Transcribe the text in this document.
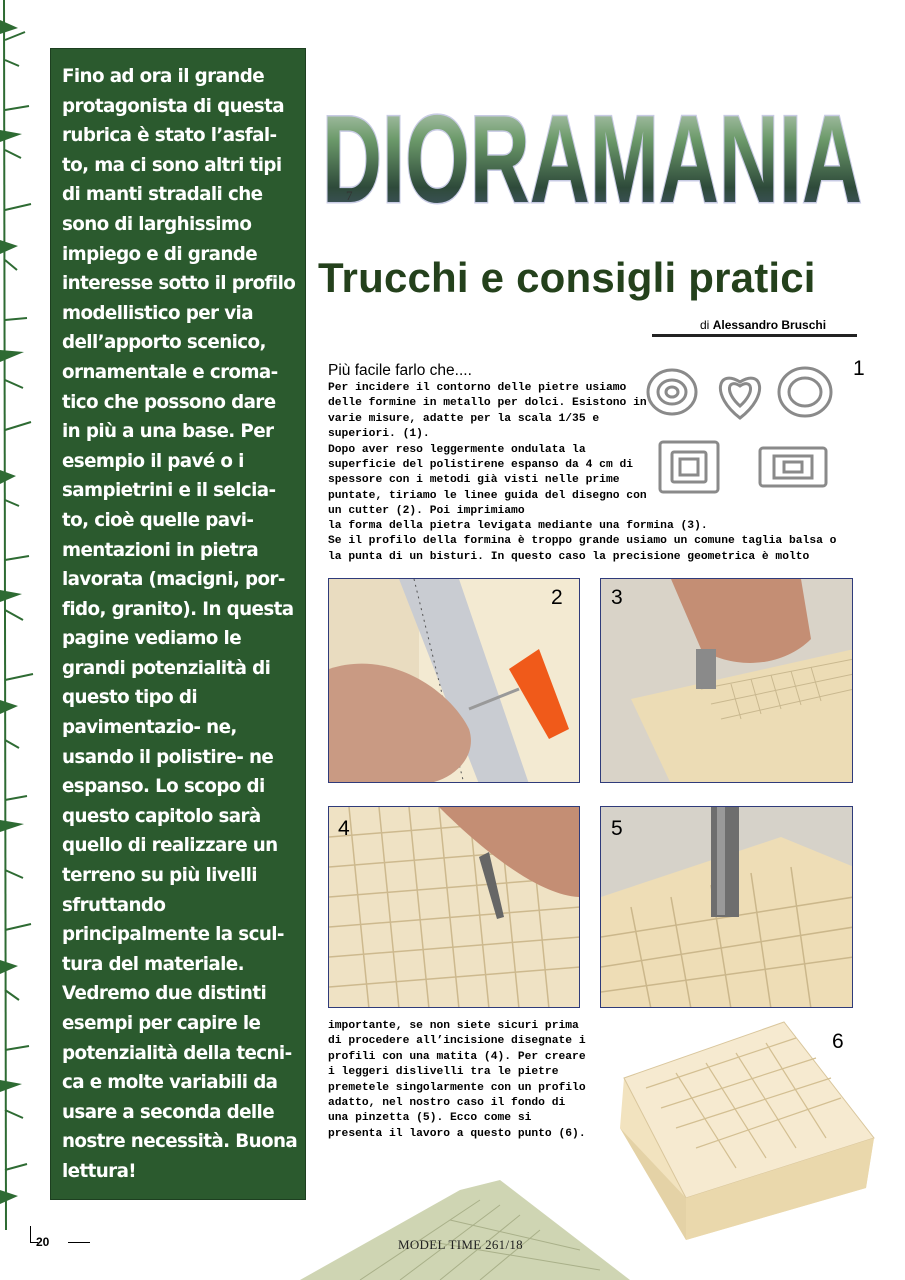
Fino ad ora il grande protagonista di questa rubrica è stato l’asfal- to, ma ci sono altri tipi di manti stradali che sono di larghissimo impiego e di grande interesse sotto il profilo modellistico per via dell’apporto scenico, ornamentale e croma- tico che possono dare in più a una base. Per esempio il pavé o i sampietrini e il selcia- to, cioè quelle pavi- mentazioni in pietra lavorata (macigni, por- fido, granito). In questa pagine vediamo le grandi potenzialità di questo tipo di pavimentazio- ne, usando il polistire- ne espanso. Lo scopo di questo capitolo sarà quello di realizzare un terreno su più livelli sfruttando principalmente la scul- tura del materiale. Vedremo due distinti esempi per capire le potenzialità della tecni- ca e molte variabili da usare a seconda delle nostre necessità. Buona lettura!

DIORAMANIA
7
Trucchi e consigli pratici
di Alessandro Bruschi
Più facile farlo che....	1
Per incidere il contorno delle pietre usiamo delle formine in metallo per dolci. Esistono in varie misure, adatte per la scala 1/35 e superiori. (1).
Dopo aver reso leggermente ondulata la superficie del polistirene espanso da 4 cm di spessore con i metodi già visti nelle prime puntate, tiriamo le linee guida del disegno con un cutter (2). Poi imprimiamo
la forma della pietra levigata mediante una formina (3).
Se il profilo della formina è troppo grande usiamo un comune taglia balsa o la punta di un bisturi. In questo caso la precisione geometrica è molto
2 3
4	5
importante, se non siete sicuri prima di procedere all’incisione disegnate i profili con una matita (4). Per creare i leggeri dislivelli tra le pietre premetele singolarmente con un profilo adatto, nel nostro caso il fondo di una pinzetta (5). Ecco come si presenta il lavoro a questo punto (6).
6
20	MODEL TIME 261/18
